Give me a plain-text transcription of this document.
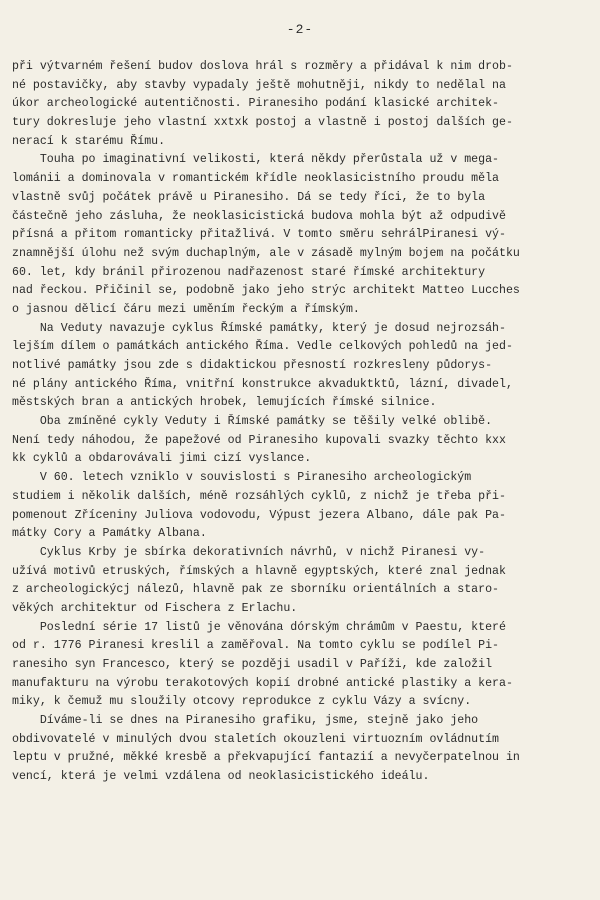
-2-
při výtvarném řešení budov doslova hrál s rozměry a přidával k nim drob-
né postavičky, aby stavby vypadaly ještě mohutněji, nikdy to nedělal na
úkor archeologické autentičnosti. Piranesiho podání klasické architek-
tury dokresluje jeho vlastní xxtxk postoj a vlastně i postoj dalších ge-
nerací k starému Římu.
Touha po imaginativní velikosti, která někdy přerůstala už v mega-
lománii a dominovala v romantickém křídle neoklasicistního proudu měla
vlastně svůj počátek právě u Piranesiho. Dá se tedy říci, že to byla
částečně jeho zásluha, že neoklasicistická budova mohla být až odpudivě
přísná a přitom romanticky přitažlivá. V tomto směru sehrálPiranesi vý-
znamnější úlohu než svým duchaplným, ale v zásadě mylným bojem na počátku
60. let, kdy bránil přirozenou nadřazenost staré římské architektury
nad řeckou. Přičinil se, podobně jako jeho strýc architekt Matteo Lucches
o jasnou dělicí čáru mezi uměním řeckým a římským.
Na Veduty navazuje cyklus Římské památky, který je dosud nejrozsáh-
lejším dílem o památkách antického Říma. Vedle celkových pohledů na jed-
notlivé památky jsou zde s didaktickou přesností rozkresleny půdorys-
né plány antického Říma, vnitřní konstrukce akvaduktktů, lázní, divadel,
městských bran a antických hrobek, lemujících římské silnice.
Oba zmíněné cykly Veduty i Římské památky se těšily velké oblibě.
Není tedy náhodou, že papežové od Piranesiho kupovali svazky těchto kxx
kk cyklů a obdarovávali jimi cizí vyslance.
V 60. letech vzniklo v souvislosti s Piranesiho archeologickým
studiem i několik dalších, méně rozsáhlých cyklů, z nichž je třeba při-
pomenout Zříceniny Juliova vodovodu, Výpust jezera Albano, dále pak Pa-
mátky Cory a Památky Albana.
Cyklus Krby je sbírka dekorativních návrhů, v nichž Piranesi vy-
užívá motivů etruských, římských a hlavně egyptských, které znal jednak
z archeologickýcj nálezů, hlavně pak ze sborníku orientálních a staro-
věkých architektur od Fischera z Erlachu.
Poslední série 17 listů je věnována dórským chrámům v Paestu, které
od r. 1776 Piranesi kreslil a zaměřoval. Na tomto cyklu se podílel Pi-
ranesiho syn Francesco, který se později usadil v Paříži, kde založil
manufakturu na výrobu terakotových kopií drobné antické plastiky a kera-
miky, k čemuž mu sloužily otcovy reprodukce z cyklu Vázy a svícny.
Díváme-li se dnes na Piranesiho grafiku, jsme, stejně jako jeho
obdivovatelé v minulých dvou staletích okouzleni virtuozním ovládnutím
leptu v pružné, měkké kresbě a překvapující fantazií a nevyčerpatelnou in
vencí, která je velmi vzdálena od neoklasicistického ideálu.
